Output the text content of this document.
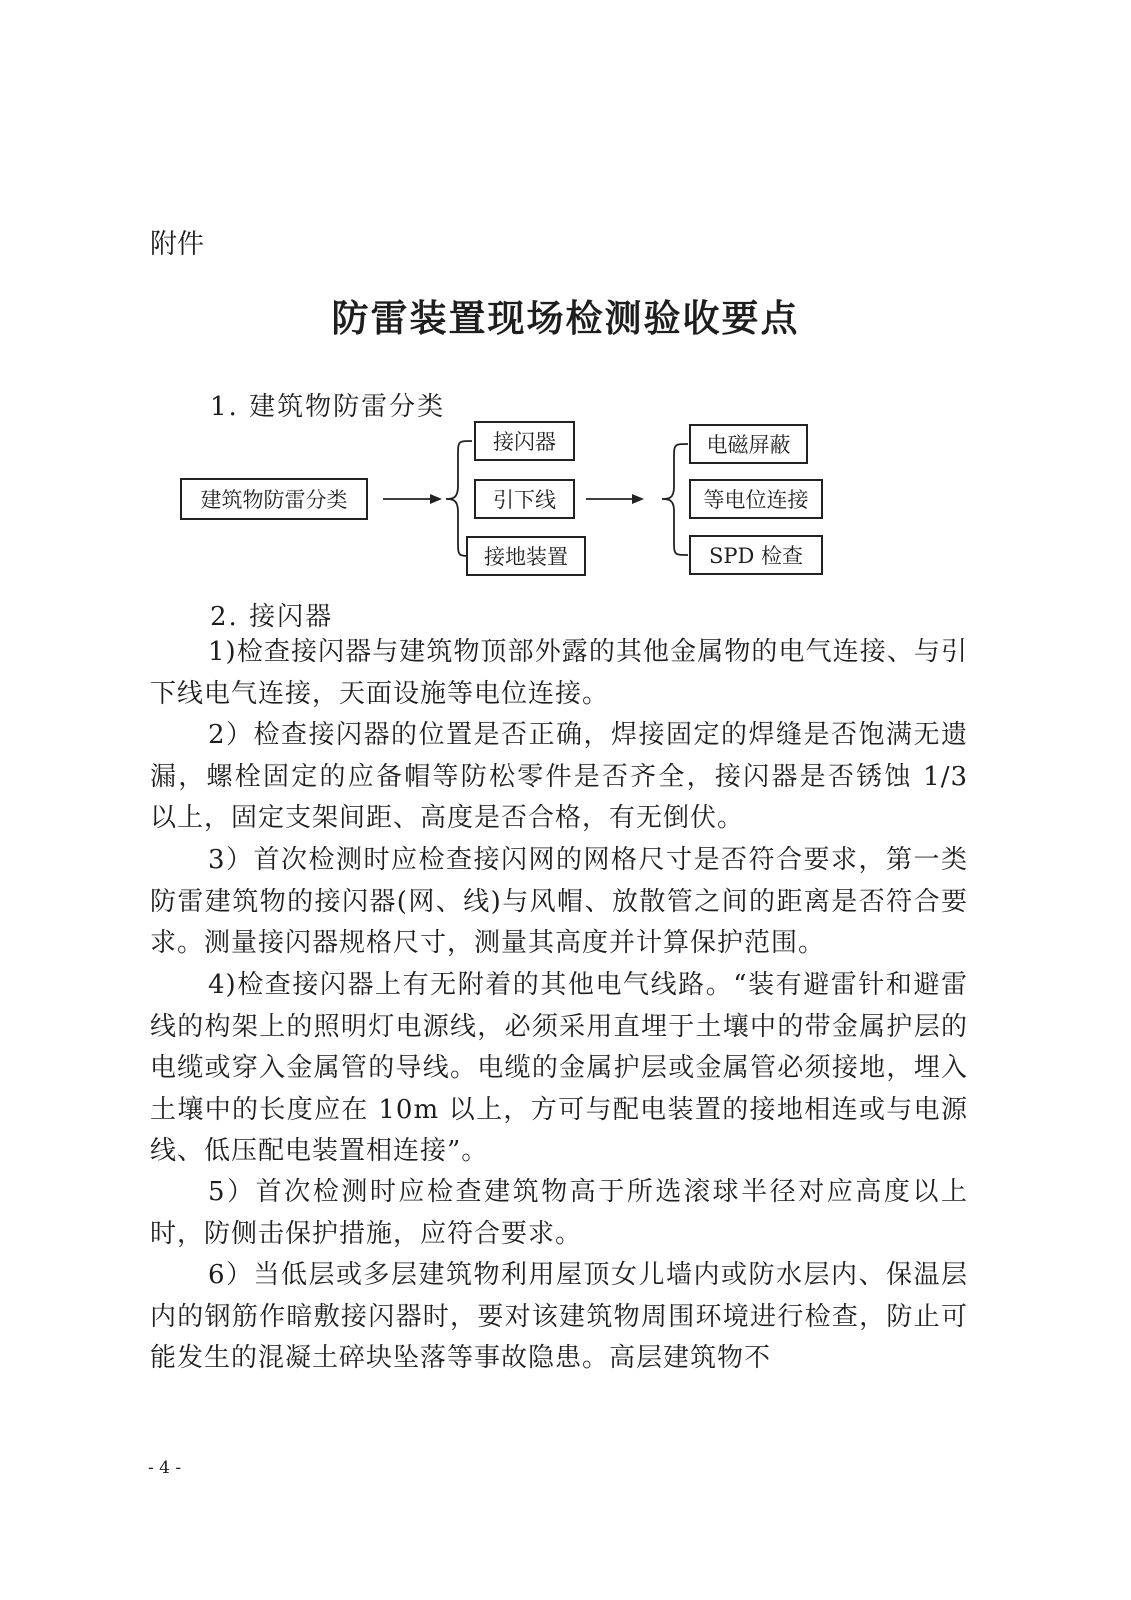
附件
防雷装置现场检测验收要点
1. 建筑物防雷分类
建筑物防雷分类
接闪器
引下线
接地装置
电磁屏蔽
等电位连接
SPD 检查
2. 接闪器

1)检查接闪器与建筑物顶部外露的其他金属物的电气连接、与引下线电气连接，天面设施等电位连接。

2）检查接闪器的位置是否正确，焊接固定的焊缝是否饱满无遗漏，螺栓固定的应备帽等防松零件是否齐全，接闪器是否锈蚀 1/3 以上，固定支架间距、高度是否合格，有无倒伏。

3）首次检测时应检查接闪网的网格尺寸是否符合要求，第一类防雷建筑物的接闪器(网、线)与风帽、放散管之间的距离是否符合要求。测量接闪器规格尺寸，测量其高度并计算保护范围。

4)检查接闪器上有无附着的其他电气线路。“装有避雷针和避雷线的构架上的照明灯电源线，必须采用直埋于土壤中的带金属护层的电缆或穿入金属管的导线。电缆的金属护层或金属管必须接地，埋入土壤中的长度应在 10m 以上，方可与配电装置的接地相连或与电源线、低压配电装置相连接”。

5）首次检测时应检查建筑物高于所选滚球半径对应高度以上时，防侧击保护措施，应符合要求。

6）当低层或多层建筑物利用屋顶女儿墙内或防水层内、保温层内的钢筋作暗敷接闪器时，要对该建筑物周围环境进行检查，防止可能发生的混凝土碎块坠落等事故隐患。高层建筑物不

- 4 -
